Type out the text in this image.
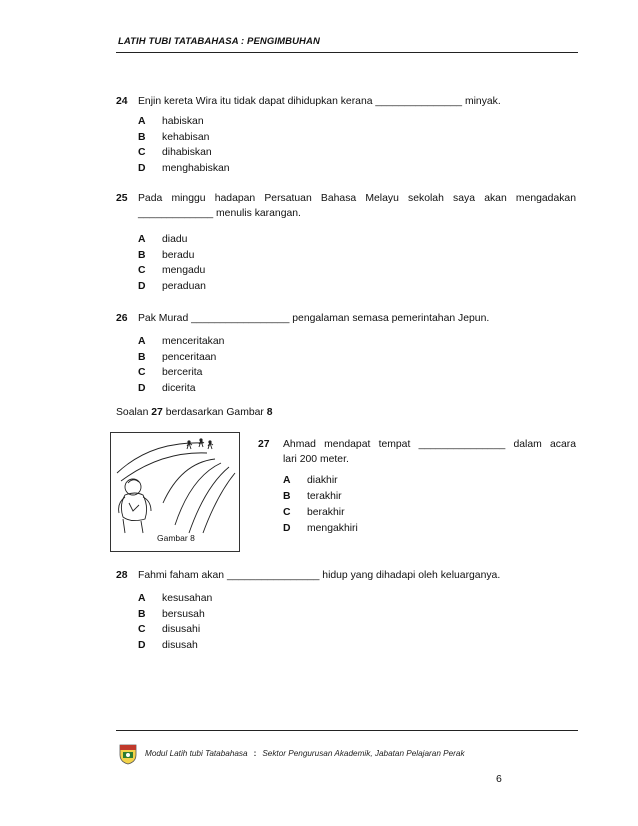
LATIH TUBI TATABAHASA : PENGIMBUHAN
24 Enjin kereta Wira itu tidak dapat dihidupkan kerana _______________ minyak.
A habiskan
B kehabisan
C dihabiskan
D menghabiskan
25 Pada minggu hadapan Persatuan Bahasa Melayu sekolah saya akan mengadakan
_____________ menulis karangan.
A diadu
B beradu
C mengadu
D peraduan
26 Pak Murad _________________ pengalaman semasa pemerintahan Jepun.
A menceritakan
B penceritaan
C bercerita
D dicerita
Soalan 27 berdasarkan Gambar 8
Gambar 8
27 Ahmad mendapat tempat _______________ dalam acara
lari 200 meter.
A diakhir
B terakhir
C berakhir
D mengakhiri
28 Fahmi faham akan ________________ hidup yang dihadapi oleh keluarganya.
A kesusahan
B bersusah
C disusahi
D disusah
Modul Latih tubi Tatabahasa : Sektor Pengurusan Akademik, Jabatan Pelajaran Perak
6
